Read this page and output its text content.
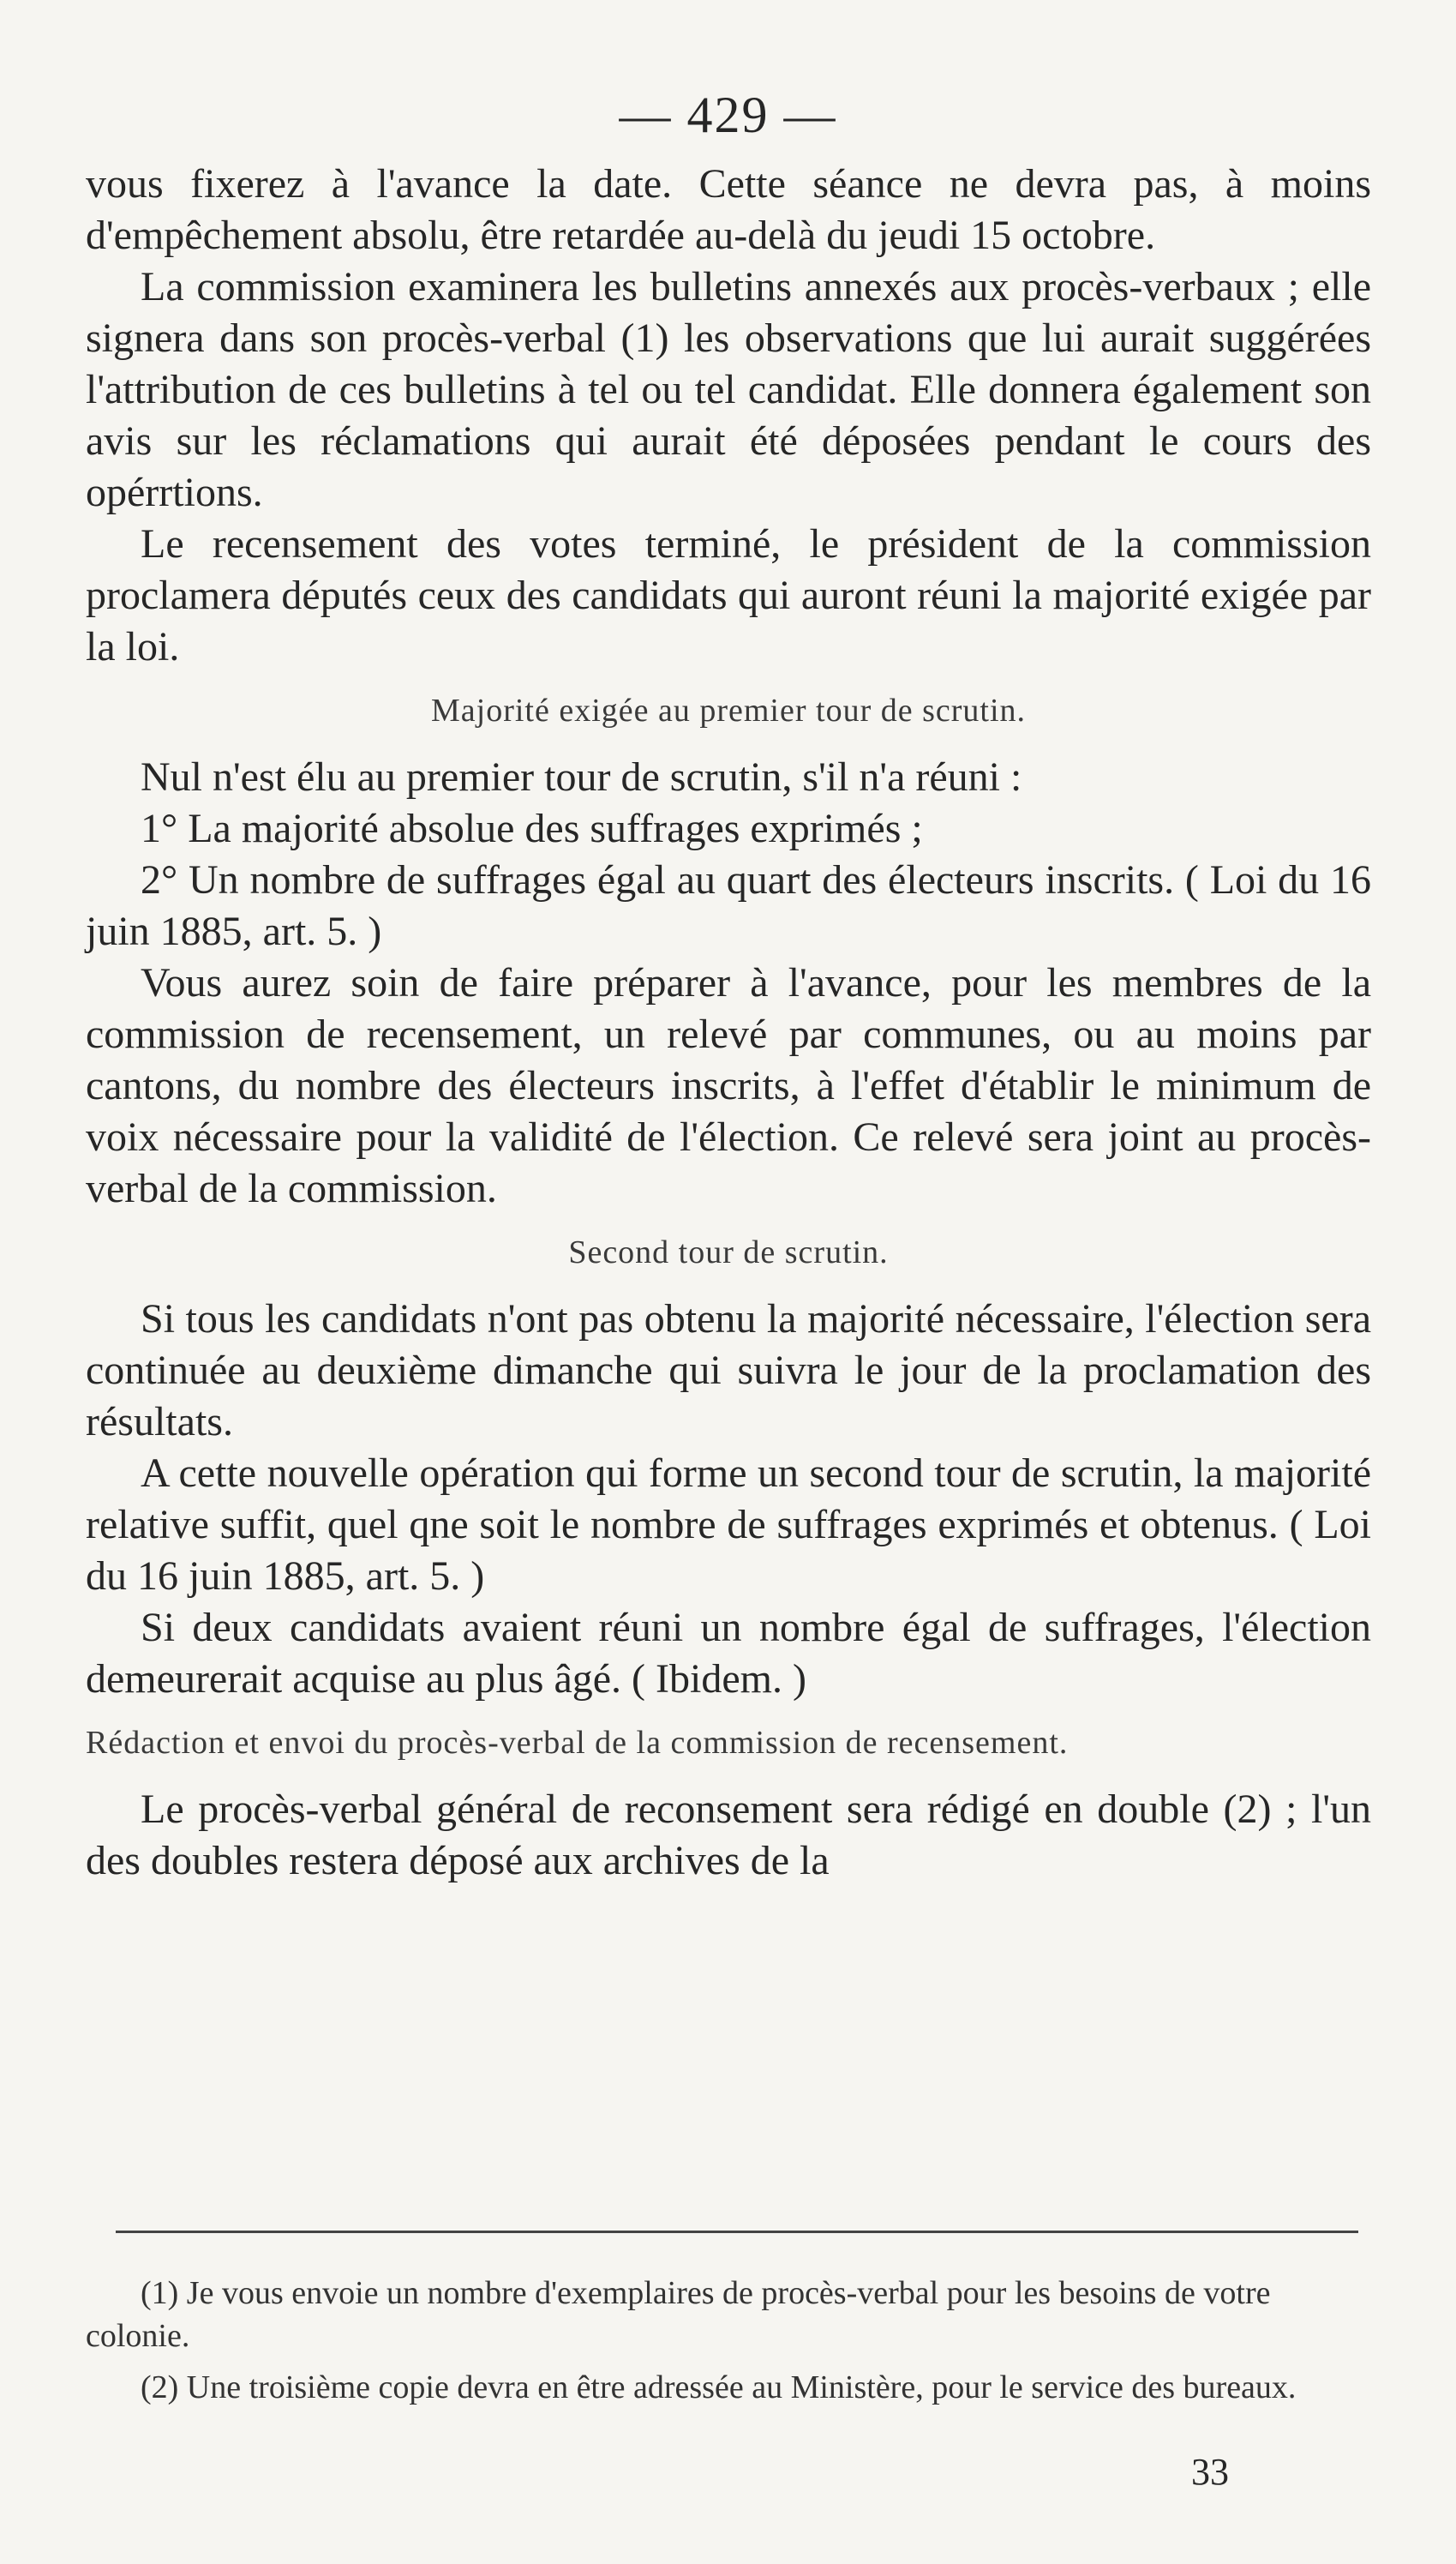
— 429 —

vous fixerez à l'avance la date. Cette séance ne devra pas, à moins d'empêchement absolu, être retardée au-delà du jeudi 15 octobre.

La commission examinera les bulletins annexés aux procès-verbaux ; elle signera dans son procès-verbal (1) les observations que lui aurait suggérées l'attribution de ces bulletins à tel ou tel candidat. Elle donnera également son avis sur les réclamations qui aurait été déposées pendant le cours des opérrtions.

Le recensement des votes terminé, le président de la commission proclamera députés ceux des candidats qui auront réuni la majorité exigée par la loi.

Majorité exigée au premier tour de scrutin.

Nul n'est élu au premier tour de scrutin, s'il n'a réuni :

1° La majorité absolue des suffrages exprimés ;

2° Un nombre de suffrages égal au quart des électeurs inscrits. ( Loi du 16 juin 1885, art. 5. )

Vous aurez soin de faire préparer à l'avance, pour les membres de la commission de recensement, un relevé par communes, ou au moins par cantons, du nombre des électeurs inscrits, à l'effet d'établir le minimum de voix nécessaire pour la validité de l'élection. Ce relevé sera joint au procès-verbal de la commission.

Second tour de scrutin.

Si tous les candidats n'ont pas obtenu la majorité nécessaire, l'élection sera continuée au deuxième dimanche qui suivra le jour de la proclamation des résultats.

A cette nouvelle opération qui forme un second tour de scrutin, la majorité relative suffit, quel qne soit le nombre de suffrages exprimés et obtenus. ( Loi du 16 juin 1885, art. 5. )

Si deux candidats avaient réuni un nombre égal de suffrages, l'élection demeurerait acquise au plus âgé. ( Ibidem. )

Rédaction et envoi du procès-verbal de la commission de recensement.

Le procès-verbal général de reconsement sera rédigé en double (2) ; l'un des doubles restera déposé aux archives de la

(1) Je vous envoie un nombre d'exemplaires de procès-verbal pour les besoins de votre colonie.

(2) Une troisième copie devra en être adressée au Ministère, pour le service des bureaux.

33
